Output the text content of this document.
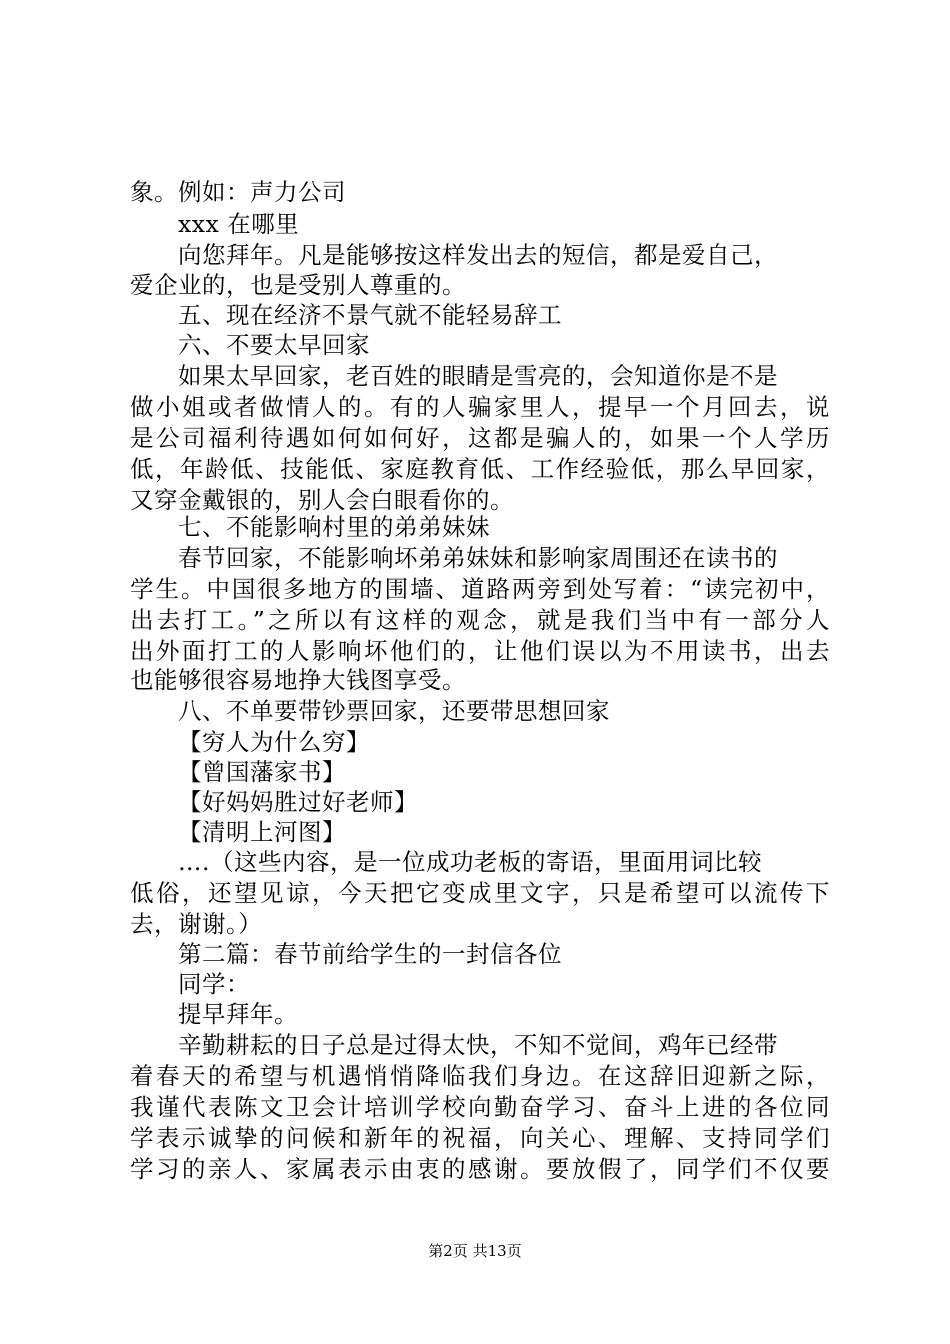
象。例如：声力公司
xxx 在哪里
向您拜年。凡是能够按这样发出去的短信，都是爱自己，
爱企业的，也是受别人尊重的。
五、现在经济不景气就不能轻易辞工
六、不要太早回家
如果太早回家，老百姓的眼睛是雪亮的，会知道你是不是
做小姐或者做情人的。有的人骗家里人，提早一个月回去，说
是公司福利待遇如何如何好，这都是骗人的，如果一个人学历
低，年龄低、技能低、家庭教育低、工作经验低，那么早回家，
又穿金戴银的，别人会白眼看你的。
七、不能影响村里的弟弟妹妹
春节回家，不能影响坏弟弟妹妹和影响家周围还在读书的
学生。中国很多地方的围墙、道路两旁到处写着：“读完初中，
出去打工。”之所以有这样的观念，就是我们当中有一部分人
出外面打工的人影响坏他们的，让他们误以为不用读书，出去
也能够很容易地挣大钱图享受。
八、不单要带钞票回家，还要带思想回家
【穷人为什么穷】
【曾国藩家书】
【好妈妈胜过好老师】
【清明上河图】
….（这些内容，是一位成功老板的寄语，里面用词比较
低俗，还望见谅，今天把它变成里文字，只是希望可以流传下
去，谢谢。）
第二篇：春节前给学生的一封信各位
同学：
提早拜年。
辛勤耕耘的日子总是过得太快，不知不觉间，鸡年已经带
着春天的希望与机遇悄悄降临我们身边。在这辞旧迎新之际，
我谨代表陈文卫会计培训学校向勤奋学习、奋斗上进的各位同
学表示诚挚的问候和新年的祝福，向关心、理解、支持同学们
学习的亲人、家属表示由衷的感谢。要放假了，同学们不仅要
第2页 共13页
